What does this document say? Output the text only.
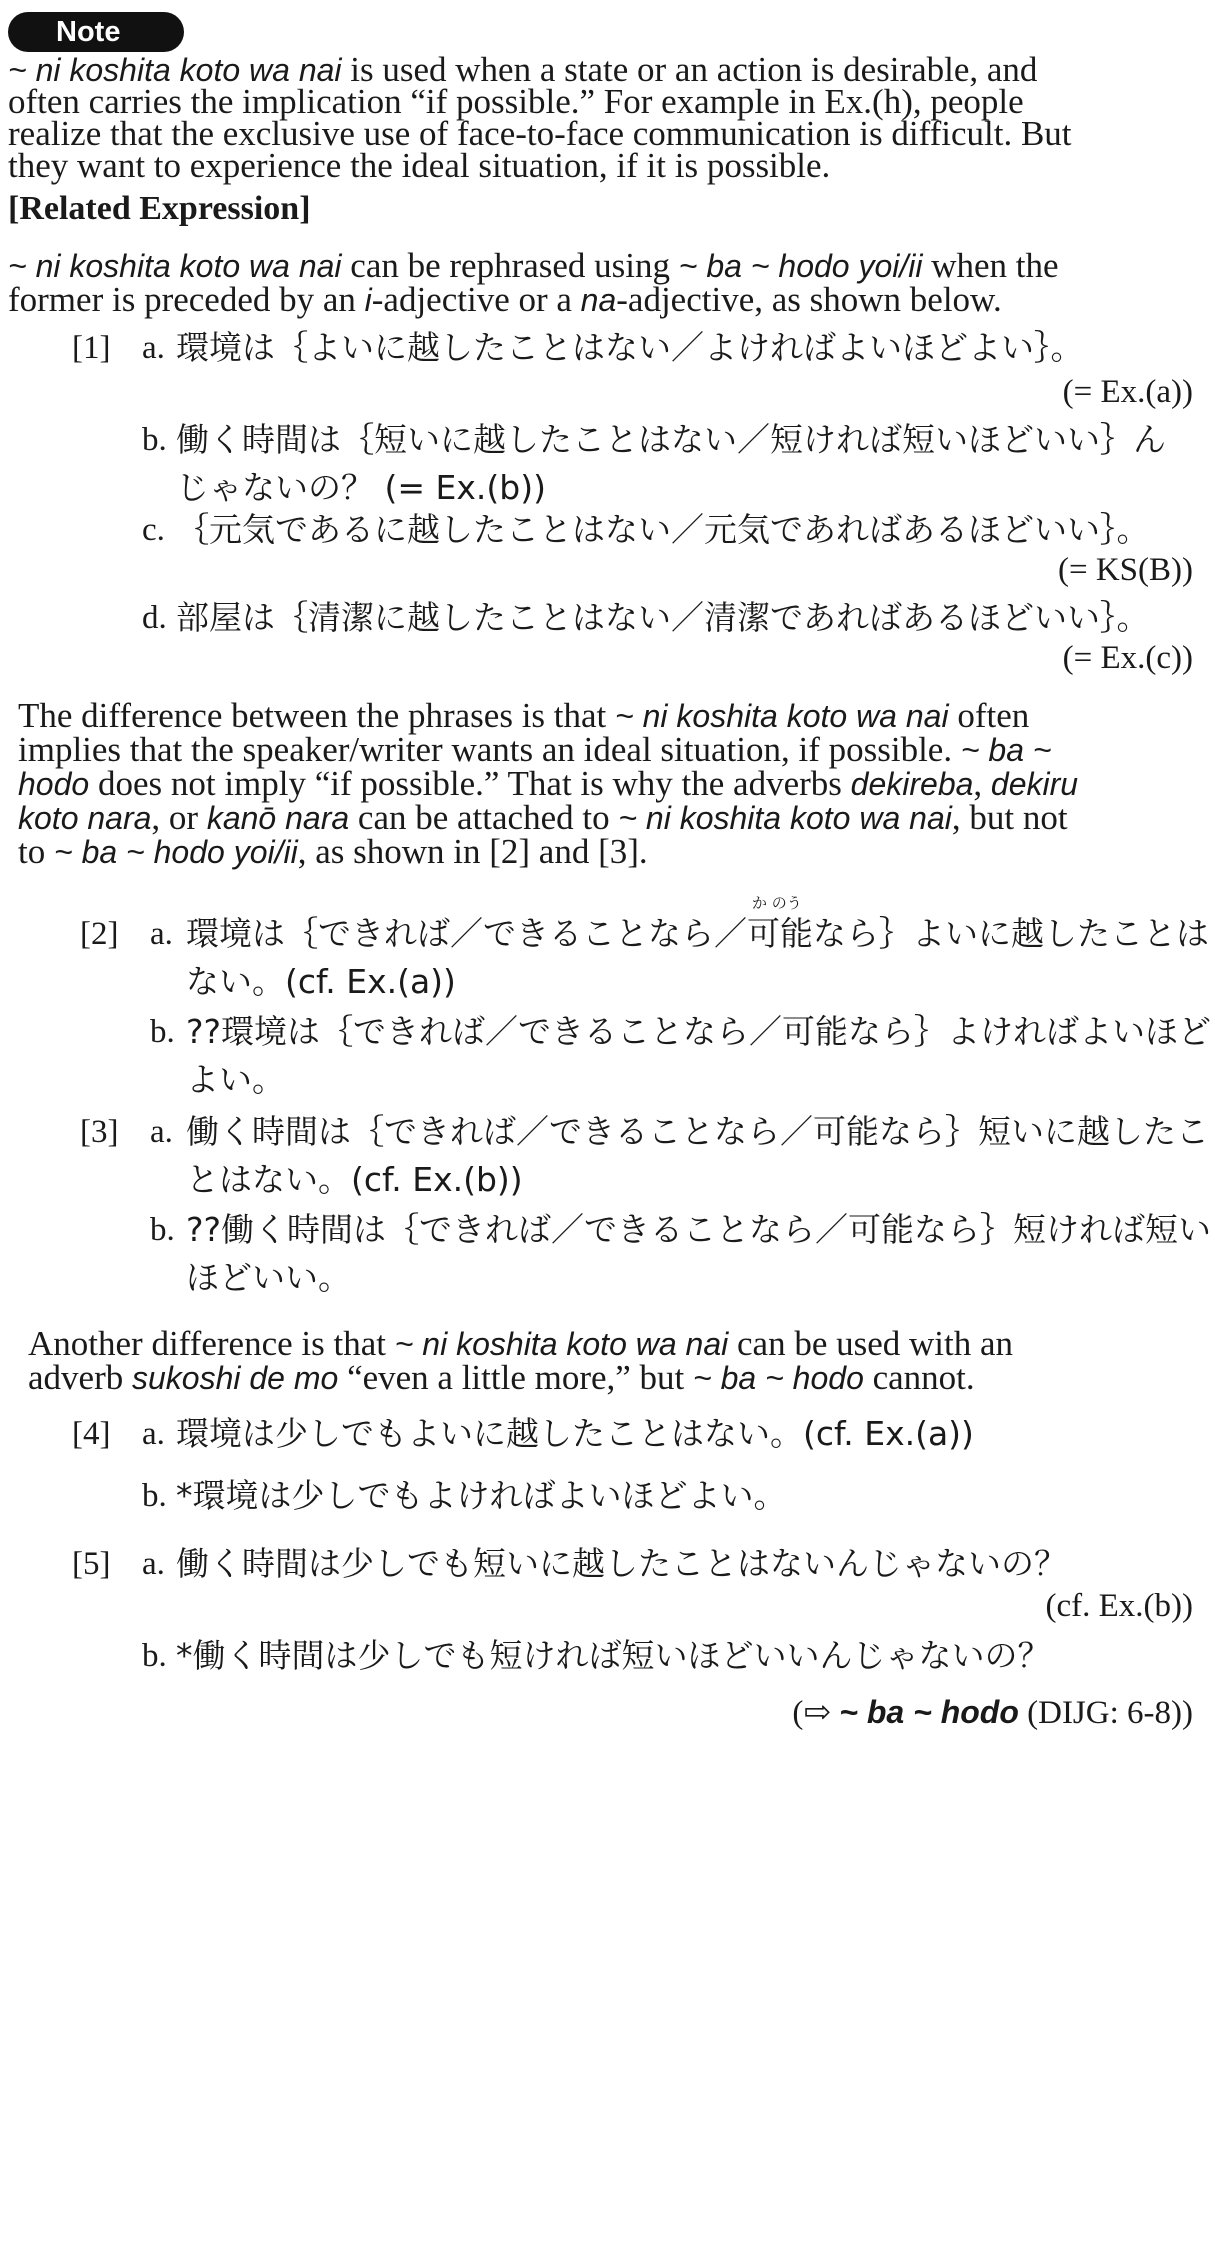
Note
~ ni koshita koto wa nai is used when a state or an action is desirable, and
often carries the implication “if possible.” For example in Ex.(h), people
realize that the exclusive use of face-to-face communication is difficult. But
they want to experience the ideal situation, if it is possible.
[Related Expression]
~ ni koshita koto wa nai can be rephrased using ~ ba ~ hodo yoi/ii when the
former is preceded by an i-adjective or a na-adjective, as shown below.
[1] a. 環境は｛よいに越したことはない／よければよいほどよい｝。
(= Ex.(a))
b. 働く時間は｛短いに越したことはない／短ければ短いほどいい｝ん
じゃないの？ (= Ex.(b))
c. ｛元気であるに越したことはない／元気であればあるほどいい｝。
(= KS(B))
d. 部屋は｛清潔に越したことはない／清潔であればあるほどいい｝。
(= Ex.(c))
The difference between the phrases is that ~ ni koshita koto wa nai often
implies that the speaker/writer wants an ideal situation, if possible. ~ ba ~
hodo does not imply “if possible.” That is why the adverbs dekireba, dekiru
koto nara, or kanō nara can be attached to ~ ni koshita koto wa nai, but not
to ~ ba ~ hodo yoi/ii, as shown in [2] and [3].
か のう
[2] a. 環境は｛できれば／できることなら／可能なら｝よいに越したことは
ない。(cf. Ex.(a))
b. ??環境は｛できれば／できることなら／可能なら｝よければよいほど
よい。
[3] a. 働く時間は｛できれば／できることなら／可能なら｝短いに越したこ
とはない。(cf. Ex.(b))
b. ??働く時間は｛できれば／できることなら／可能なら｝短ければ短い
ほどいい。
Another difference is that ~ ni koshita koto wa nai can be used with an
adverb sukoshi de mo “even a little more,” but ~ ba ~ hodo cannot.
[4] a. 環境は少しでもよいに越したことはない。(cf. Ex.(a))
b. *環境は少しでもよければよいほどよい。
[5] a. 働く時間は少しでも短いに越したことはないんじゃないの？
(cf. Ex.(b))
b. *働く時間は少しでも短ければ短いほどいいんじゃないの？
(⇨ ~ ba ~ hodo (DIJG: 6-8))
